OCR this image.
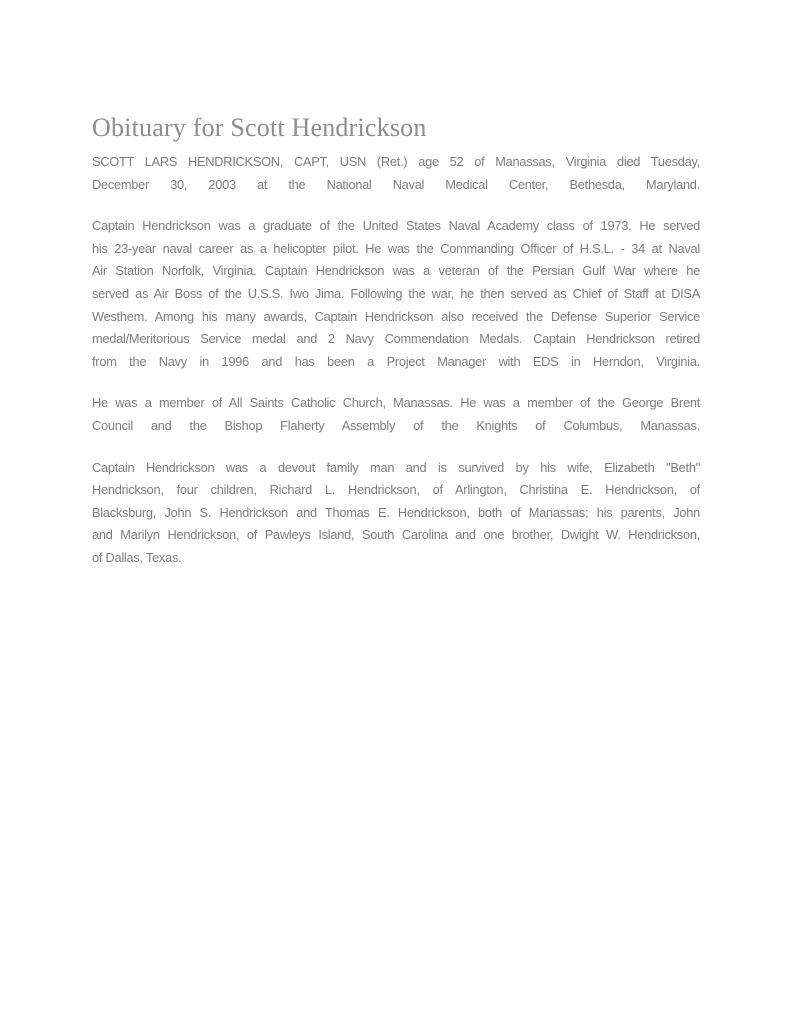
Obituary for Scott Hendrickson

SCOTT LARS HENDRICKSON, CAPT, USN (Ret.) age 52 of Manassas, Virginia died Tuesday,
December 30, 2003 at the National Naval Medical Center, Bethesda, Maryland.

Captain Hendrickson was a graduate of the United States Naval Academy class of 1973. He served
his 23-year naval career as a helicopter pilot. He was the Commanding Officer of H.S.L. - 34 at Naval
Air Station Norfolk, Virginia. Captain Hendrickson was a veteran of the Persian Gulf War where he
served as Air Boss of the U.S.S. Iwo Jima. Following the war, he then served as Chief of Staff at DISA
Westhem. Among his many awards, Captain Hendrickson also received the Defense Superior Service
medal/Meritorious Service medal and 2 Navy Commendation Medals. Captain Hendrickson retired
from the Navy in 1996 and has been a Project Manager with EDS in Herndon, Virginia.

He was a member of All Saints Catholic Church, Manassas. He was a member of the George Brent
Council and the Bishop Flaherty Assembly of the Knights of Columbus, Manassas.

Captain Hendrickson was a devout family man and is survived by his wife, Elizabeth "Beth"
Hendrickson, four children, Richard L. Hendrickson, of Arlington, Christina E. Hendrickson, of
Blacksburg, John S. Hendrickson and Thomas E. Hendrickson, both of Manassas; his parents, John
and Marilyn Hendrickson, of Pawleys Island, South Carolina and one brother, Dwight W. Hendrickson,
of Dallas, Texas.
